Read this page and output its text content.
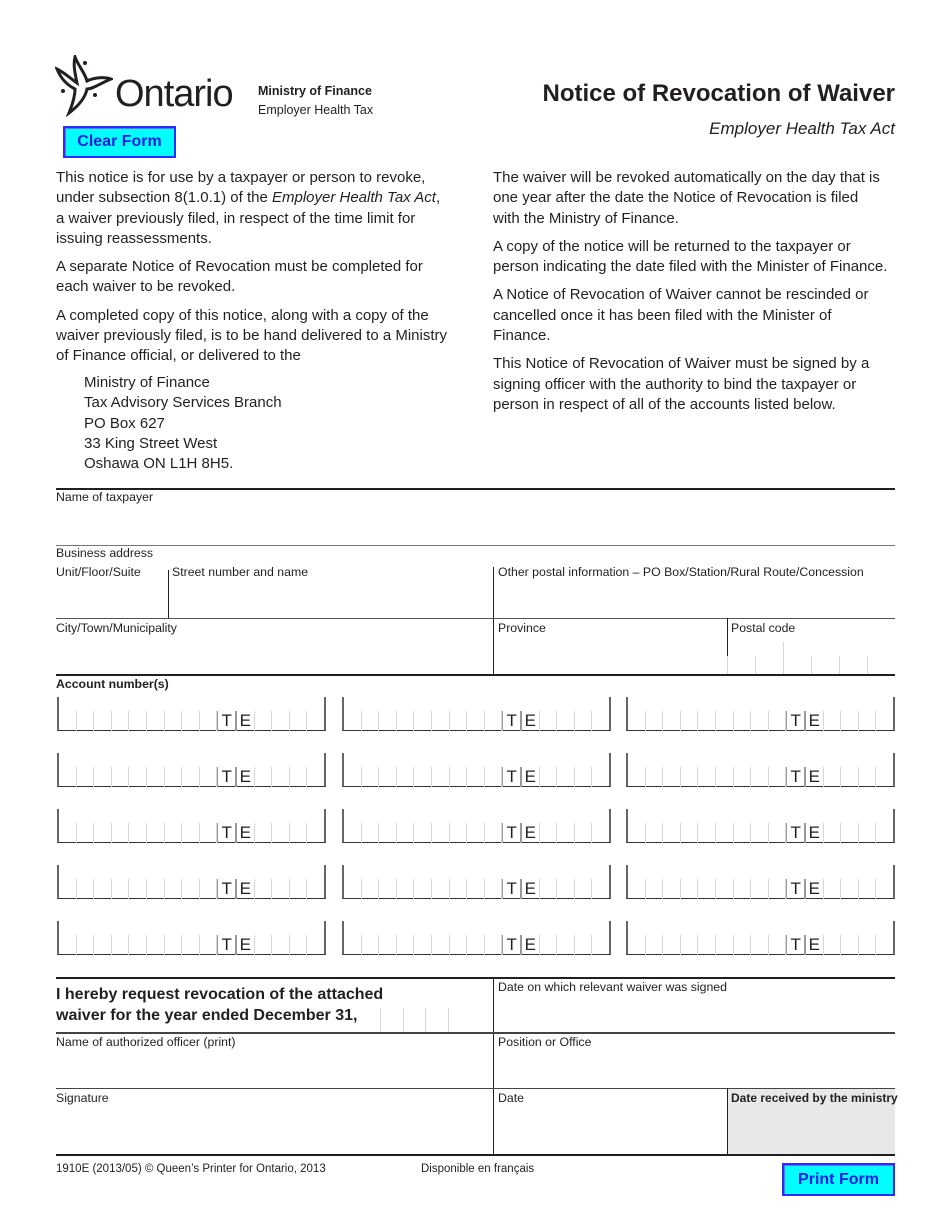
Ontario Ministry of Finance
Employer Health Tax
Clear Form
Notice of Revocation of Waiver
Employer Health Tax Act

This notice is for use by a taxpayer or person to revoke, under subsection 8(1.0.1) of the Employer Health Tax Act, a waiver previously filed, in respect of the time limit for issuing reassessments.

A separate Notice of Revocation must be completed for each waiver to be revoked.

A completed copy of this notice, along with a copy of the waiver previously filed, is to be hand delivered to a Ministry of Finance official, or delivered to the

Ministry of Finance
Tax Advisory Services Branch
PO Box 627
33 King Street West
Oshawa ON L1H 8H5.

The waiver will be revoked automatically on the day that is one year after the date the Notice of Revocation is filed with the Ministry of Finance.

A copy of the notice will be returned to the taxpayer or person indicating the date filed with the Minister of Finance.

A Notice of Revocation of Waiver cannot be rescinded or cancelled once it has been filed with the Minister of Finance.

This Notice of Revocation of Waiver must be signed by a signing officer with the authority to bind the taxpayer or person in respect of all of the accounts listed below.

Name of taxpayer
Business address
Unit/Floor/Suite	Street number and name	Other postal information – PO Box/Station/Rural Route/Concession
City/Town/Municipality	Province	Postal code
Account number(s)
T E	T E	T E
T E	T E	T E
T E	T E	T E
T E	T E	T E
T E	T E	T E
I hereby request revocation of the attached
waiver for the year ended December 31,
Date on which relevant waiver was signed
Name of authorized officer (print)	Position or Office
Signature	Date	Date received by the ministry
1910E (2013/05) © Queen’s Printer for Ontario, 2013	Disponible en français
Print Form
